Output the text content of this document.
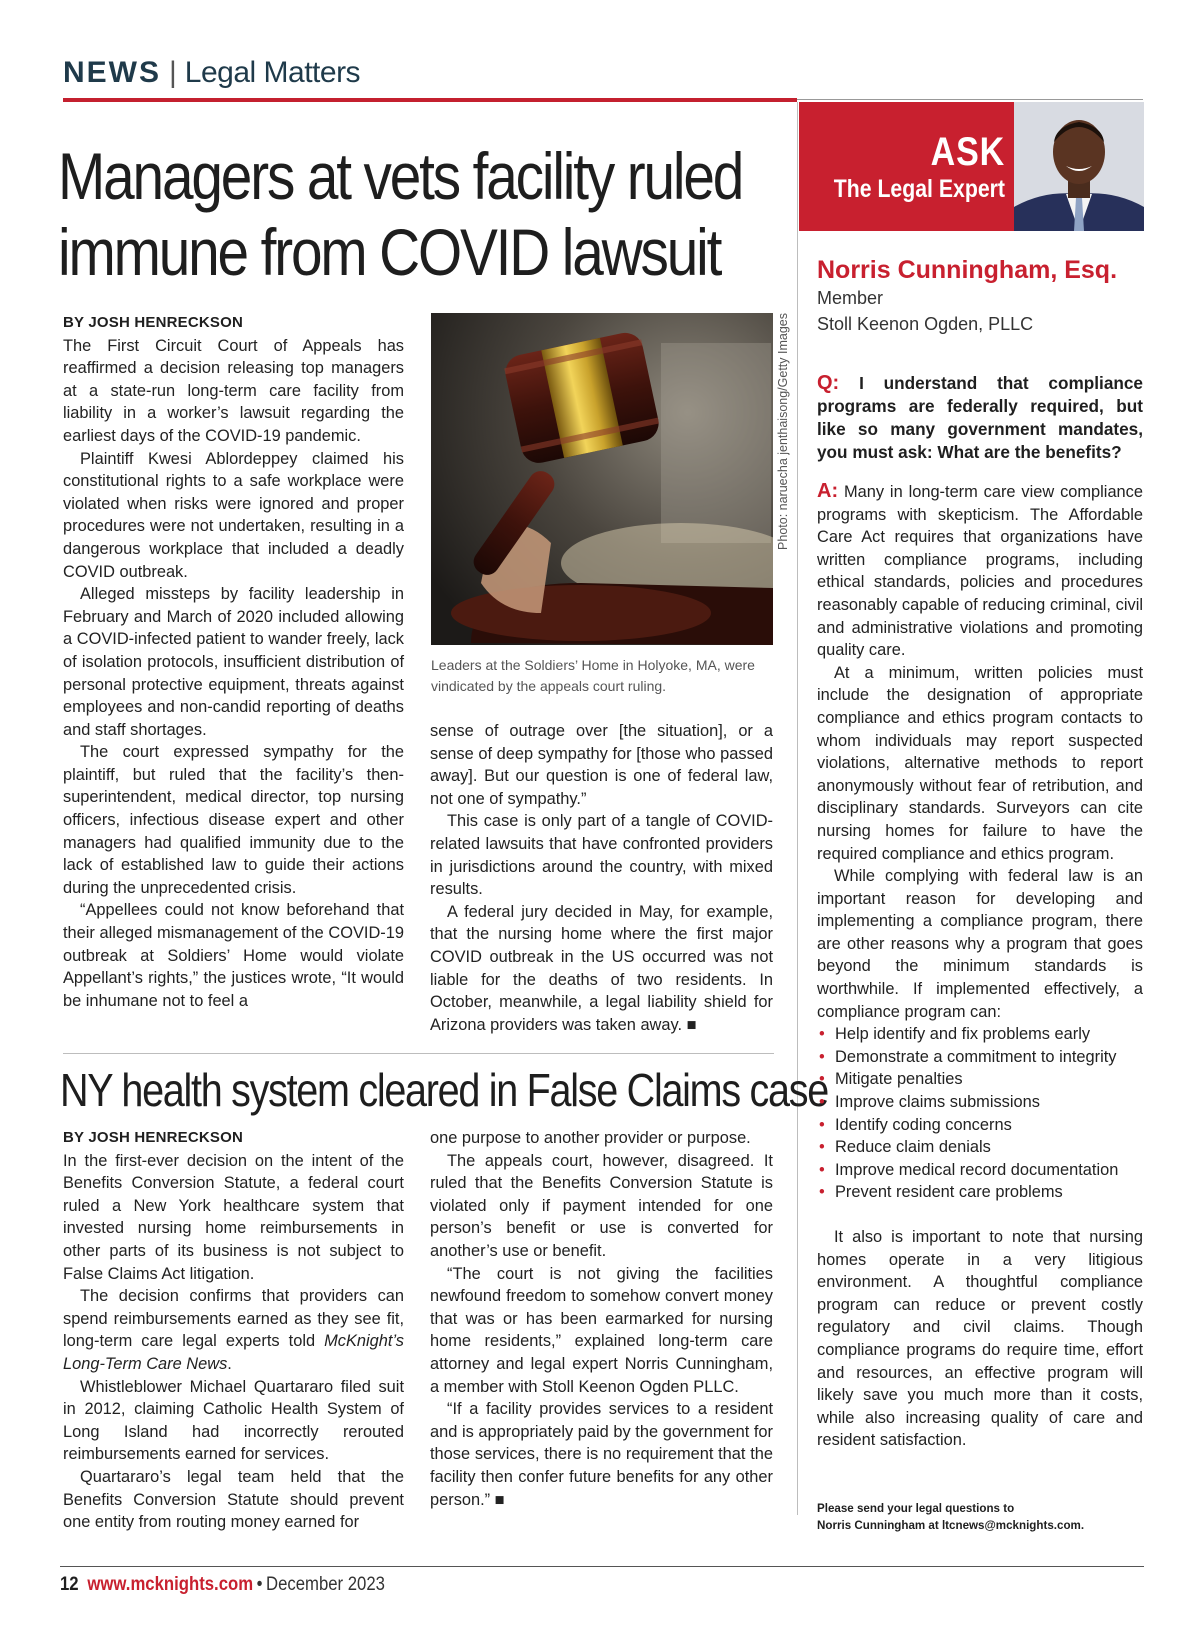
NEWS | Legal Matters
Managers at vets facility ruled
immune from COVID lawsuit
BY JOSH HENRECKSON

The First Circuit Court of Appeals has reaffirmed a decision releasing top managers at a state-run long-term care facility from liability in a worker’s lawsuit regarding the earliest days of the COVID-19 pandemic.

Plaintiff Kwesi Ablordeppey claimed his constitutional rights to a safe workplace were violated when risks were ignored and proper procedures were not undertaken, resulting in a dangerous workplace that included a deadly COVID outbreak.

Alleged missteps by facility leadership in February and March of 2020 included allowing a COVID-infected patient to wander freely, lack of isolation protocols, insufficient distribution of personal protective equipment, threats against employees and non-candid reporting of deaths and staff shortages.

The court expressed sympathy for the plaintiff, but ruled that the facility’s then-superintendent, medical director, top nursing officers, infectious disease expert and other managers had qualified immunity due to the lack of established law to guide their actions during the unprecedented crisis.

“Appellees could not know beforehand that their alleged mismanagement of the COVID-19 outbreak at Soldiers’ Home would violate Appellant’s rights,” the justices wrote, “It would be inhumane not to feel a

Photo: naruecha jenthaisong/Getty Images
Leaders at the Soldiers’ Home in Holyoke, MA, were vindicated by the appeals court ruling.

sense of outrage over [the situation], or a sense of deep sympathy for [those who passed away]. But our question is one of federal law, not one of sympathy.”

This case is only part of a tangle of COVID-related lawsuits that have confronted providers in jurisdictions around the country, with mixed results.

A federal jury decided in May, for example, that the nursing home where the first major COVID outbreak in the US occurred was not liable for the deaths of two residents. In October, meanwhile, a legal liability shield for Arizona providers was taken away. ■

NY health system cleared in False Claims case
BY JOSH HENRECKSON

In the first-ever decision on the intent of the Benefits Conversion Statute, a federal court ruled a New York healthcare system that invested nursing home reimbursements in other parts of its business is not subject to False Claims Act litigation.

The decision confirms that providers can spend reimbursements earned as they see fit, long-term care legal experts told McKnight’s Long-Term Care News.

Whistleblower Michael Quartararo filed suit in 2012, claiming Catholic Health System of Long Island had incorrectly rerouted reimbursements earned for services.

Quartararo’s legal team held that the Benefits Conversion Statute should prevent one entity from routing money earned for

one purpose to another provider or purpose.

The appeals court, however, disagreed. It ruled that the Benefits Conversion Statute is violated only if payment intended for one person’s benefit or use is converted for another’s use or benefit.

“The court is not giving the facilities newfound freedom to somehow convert money that was or has been earmarked for nursing home residents,” explained long-term care attorney and legal expert Norris Cunningham, a member with Stoll Keenon Ogden PLLC.

“If a facility provides services to a resident and is appropriately paid by the government for those services, there is no requirement that the facility then confer future benefits for any other person.” ■

ASK
The Legal Expert
Norris Cunningham, Esq.
Member
Stoll Keenon Ogden, PLLC
Q: I understand that compliance programs are federally required, but like so many government mandates, you must ask: What are the benefits?

A: Many in long-term care view compliance programs with skepticism. The Affordable Care Act requires that organizations have written compliance programs, including ethical standards, policies and procedures reasonably capable of reducing criminal, civil and administrative violations and promoting quality care.

At a minimum, written policies must include the designation of appropriate compliance and ethics program contacts to whom individuals may report suspected violations, alternative methods to report anonymously without fear of retribution, and disciplinary standards. Surveyors can cite nursing homes for failure to have the required compliance and ethics program.

While complying with federal law is an important reason for developing and implementing a compliance program, there are other reasons why a program that goes beyond the minimum standards is worthwhile. If implemented effectively, a compliance program can:

• Help identify and fix problems early
• Demonstrate a commitment to integrity
• Mitigate penalties
• Improve claims submissions
• Identify coding concerns
• Reduce claim denials
• Improve medical record documentation
• Prevent resident care problems

It also is important to note that nursing homes operate in a very litigious environment. A thoughtful compliance program can reduce or prevent costly regulatory and civil claims. Though compliance programs do require time, effort and resources, an effective program will likely save you much more than it costs, while also increasing quality of care and resident satisfaction.

Please send your legal questions to
Norris Cunningham at ltcnews@mcknights.com.
12 www.mcknights.com • December 2023
